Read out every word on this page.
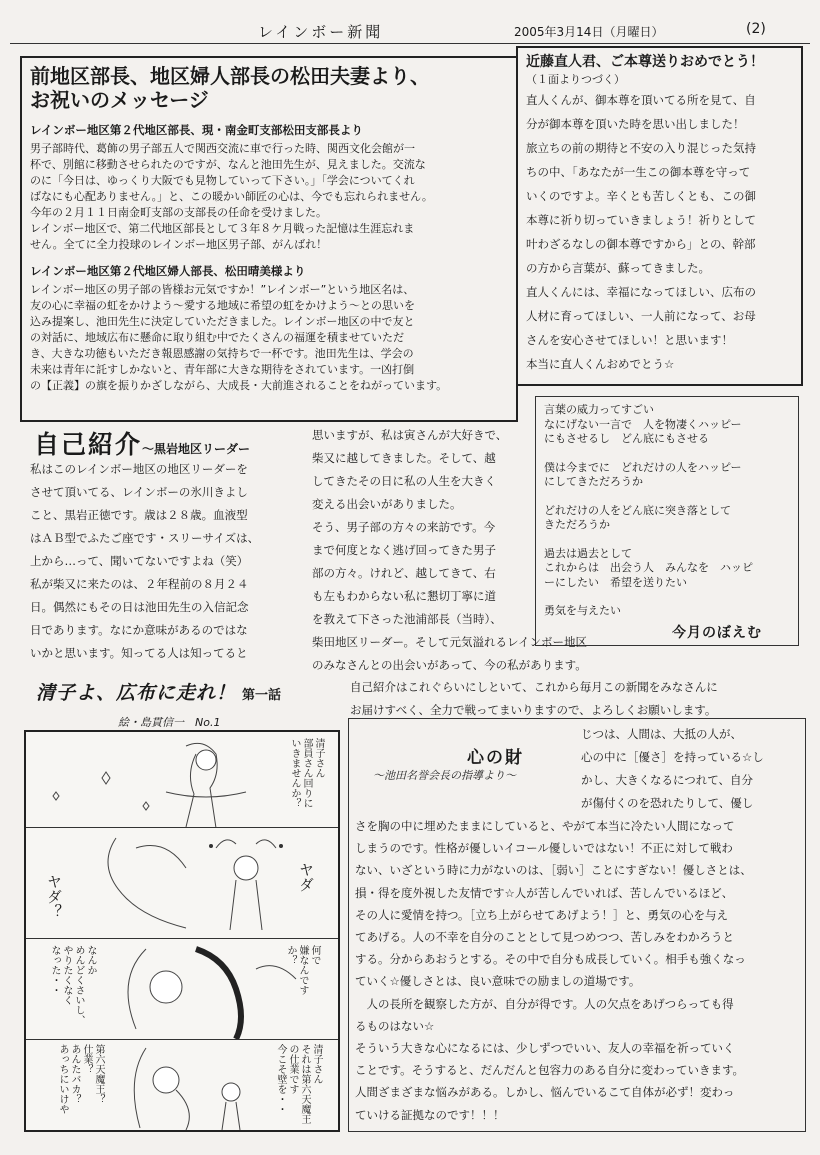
レインボー新聞	2005年3月14日（月曜日）	(2)
前地区部長、地区婦人部長の松田夫妻より、
お祝いのメッセージ
レインボー地区第２代地区部長、現・南金町支部松田支部長より
男子部時代、葛飾の男子部五人で関西交流に車で行った時、関西文化会館が一
杯で、別館に移動させられたのですが、なんと池田先生が、見えました。交流な
のに「今日は、ゆっくり大阪でも見物していって下さい。」「学会についてくれ
ばなにも心配ありません。」と、この暖かい師匠の心は、今でも忘れられません。
今年の２月１１日南金町支部の支部長の任命を受けました。
レインボー地区で、第二代地区部長として３年８ケ月戦った記憶は生涯忘れま
せん。全てに全力投球のレインボー地区男子部、がんばれ！
レインボー地区第２代地区婦人部長、松田晴美様より
レインボー地区の男子部の皆様お元気ですか！”レインボー”という地区名は、
友の心に幸福の虹をかけよう～愛する地域に希望の虹をかけよう～との思いを
込み提案し、池田先生に決定していただきました。レインボー地区の中で友と
の対話に、地域広布に懸命に取り組む中でたくさんの福運を積ませていただ
き、大きな功徳もいただき報恩感謝の気持ちで一杯です。池田先生は、学会の
未来は青年に託すしかないと、青年部に大きな期待をされています。一凶打倒
の【正義】の旗を振りかざしながら、大成長・大前進されることをねがっています。
近藤直人君、ご本尊送りおめでとう！
（１面よりつづく）
直人くんが、御本尊を頂いてる所を見て、自
分が御本尊を頂いた時を思い出しました！
旅立ちの前の期待と不安の入り混じった気持
ちの中、「あなたが一生この御本尊を守って
いくのですよ。辛くとも苦しくとも、この御
本尊に祈り切っていきましょう！祈りとして
叶わざるなしの御本尊ですから」との、幹部
の方から言葉が、蘇ってきました。
直人くんには、幸福になってほしい、広布の
人材に育ってほしい、一人前になって、お母
さんを安心させてほしい！と思います！
本当に直人くんおめでとう☆
言葉の威力ってすごい
なにげない一言で　人を物凄くハッピー
にもさせるし　どん底にもさせる
僕は今までに　どれだけの人をハッピー
にしてきただろうか
どれだけの人をどん底に突き落として
きただろうか
過去は過去として
これからは　出会う人　みんなを　ハッピ
ーにしたい　希望を送りたい
勇気を与えたい
今月のぼえむ
自己紹介～黒岩地区リーダー
私はこのレインボー地区の地区リーダーを
させて頂いてる、レインボーの氷川きよし
こと、黒岩正徳です。歳は２８歳。血液型
はＡＢ型でふたご座です・スリーサイズは、
上から…って、聞いてないですよね（笑）
私が柴又に来たのは、２年程前の８月２４
日。偶然にもその日は池田先生の入信記念
日であります。なにか意味があるのではな
いかと思います。知ってる人は知ってると
思いますが、私は寅さんが大好きで、
柴又に越してきました。そして、越
してきたその日に私の人生を大きく
変える出会いがありました。
そう、男子部の方々の来訪です。今
まで何度となく逃げ回ってきた男子
部の方々。けれど、越してきて、右
も左もわからない私に懇切丁寧に道
を教えて下さった池浦部長（当時）、
柴田地区リーダー。そして元気溢れるレインボー地区
のみなさんとの出会いがあって、今の私があります。
自己紹介はこれぐらいにしといて、これから毎月この新聞をみなさんに
お届けすべく、全力で戦ってまいりますので、よろしくお願いします。
清子よ、広布に走れ！ 第一話
絵・島貫信一　No.1
清子さん
部員さん回りに
いきませんか？
ヤダ？	ヤダ
なんか
めんどくさいし、
やりたくなく
なった・・	何で
嫌なんです
か？
第六天魔王？
仕業？
あんたバカ？
あっちにいけや	清子さん
それは第六天魔王
の仕業です
今こそ壁を・・
心の財
～池田名誉会長の指導より～
じつは、人間は、大抵の人が、
心の中に［優さ］を持っている☆し
かし、大きくなるにつれて、自分
が傷付くのを恐れたりして、優し
さを胸の中に埋めたままにしていると、やがて本当に冷たい人間になって
しまうのです。性格が優しいイコール優しいではない！不正に対して戦わ
ない、いざという時に力がないのは、［弱い］ことにすぎない！優しさとは、
損・得を度外視した友情です☆人が苦しんでいれば、苦しんでいるほど、
その人に愛情を持つ。［立ち上がらせてあげよう！］と、勇気の心を与え
てあげる。人の不幸を自分のこととして見つめつつ、苦しみをわかろうと
する。分からあおうとする。その中で自分も成長していく。相手も強くなっ
ていく☆優しさとは、良い意味での励ましの道場です。
　人の長所を観察した方が、自分が得です。人の欠点をあげつらっても得
るものはない☆
そういう大きな心になるには、少しずつでいい、友人の幸福を祈っていく
ことです。そうすると、だんだんと包容力のある自分に変わっていきます。
人間ざまざまな悩みがある。しかし、悩んでいるこて自体が必ず！変わっ
ていける証拠なのです！！！
